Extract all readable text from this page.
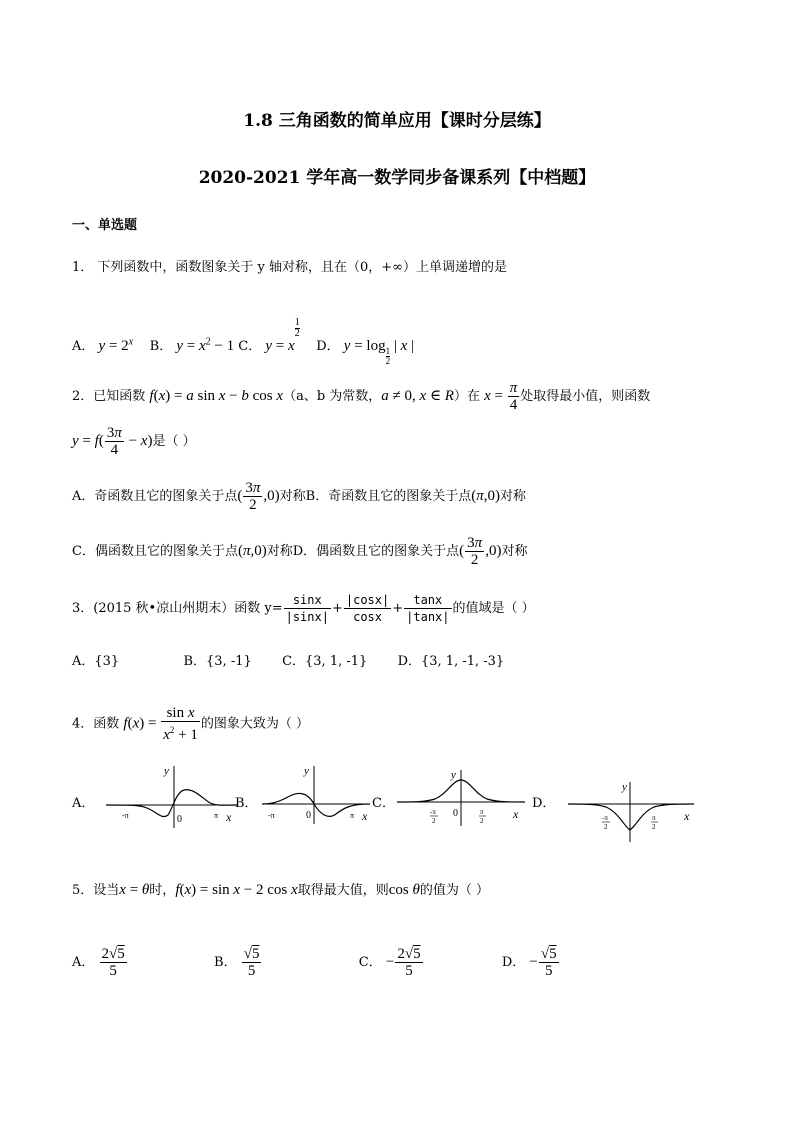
1.8 三角函数的简单应用【课时分层练】
2020-2021 学年高一数学同步备课系列【中档题】
一、单选题
1． 下列函数中，函数图象关于 y 轴对称，且在（0，+∞）上单调递增的是
A． $y = 2^x$ B． $y = x^2 - 1$ C． y = x
$\frac{1}{2}$
D． y = log
$\frac{1}{2}$
| x |
2．已知函数 f(x) = a sin x − b cos x（a、b 为常数，a ≠ 0, x ∈ R）在 $x = \frac{\pi}{4}$ 处取得最小值，则函数
$y = f( \frac{3\pi}{4} - x)$是（ ）
A．奇函数且它的图象关于点( $\frac{3\pi}{2} ,0$)对称B．奇函数且它的图象关于点(π,0)对称
C．偶函数且它的图象关于点(π,0)对称D．偶函数且它的图象关于点( $\frac{3\pi}{2} ,0$)对称
3．(2015 秋•凉山州期末）函数 $y= \frac{\sin x}{|\sin x|} + \frac{|\cos x|}{\cos x} + \frac{\tan x}{|\tan x|}$ 的值域是（ ）
A．{3}	B．{3, -1} C．{3, 1, -1} D．{3, 1, -1, -3}
4．函数 $f(x) = \frac{\text{sin x}}{x^2 + 1}$ 的图象大致为（ ）
A．
y
0
-π	π x
B．
y
0
-π	π x
C．
y
0
-π
2
π
2 x
D．
y
-π
2
π
2
x
5．设当x = θ时，f(x) = sin x − 2 cos x取得最大值，则cos θ的值为（ ）
A． $\frac{2√5}{5}$	B． $\frac{√5}{5}$	C． − $\frac{2√5}{5}$	D． − $\frac{√5}{5}$
